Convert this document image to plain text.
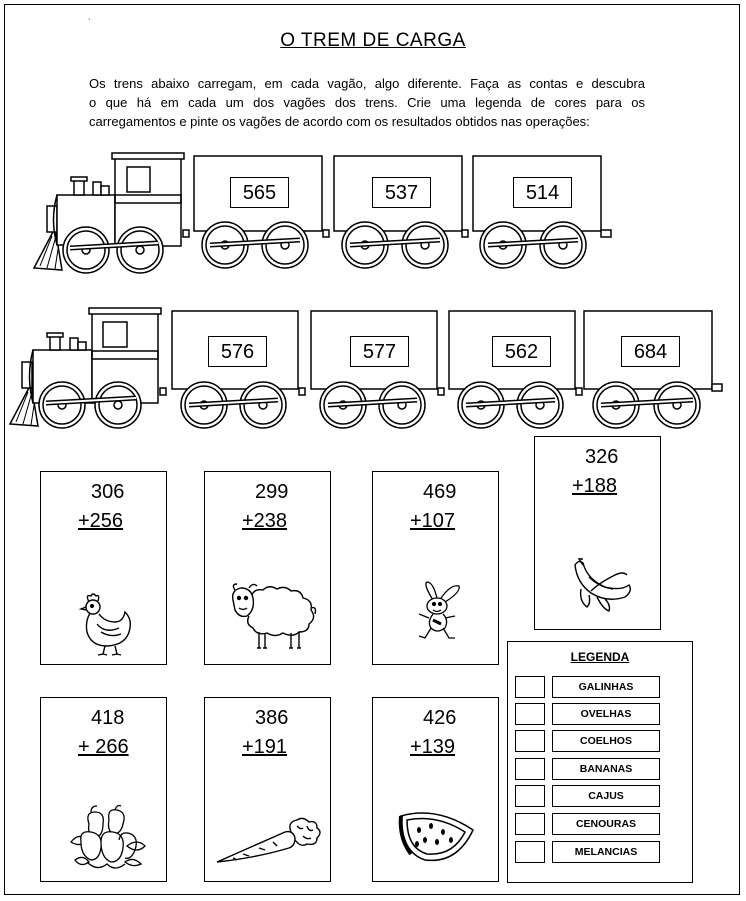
·
O TREM DE CARGA
Os trens abaixo carregam, em cada vagão, algo diferente. Faça as contas e descubra
o que há em cada um dos vagões dos trens. Crie uma legenda de cores para os
carregamentos e pinte os vagões de acordo com os resultados obtidos nas operações:
565	537	514
576	577	562	684
306
+256
299
+238
469
+107
326
+188
418
+ 266
386
+191
426
+139
LEGENDA
GALINHAS
OVELHAS
COELHOS
BANANAS
CAJUS
CENOURAS
MELANCIAS
